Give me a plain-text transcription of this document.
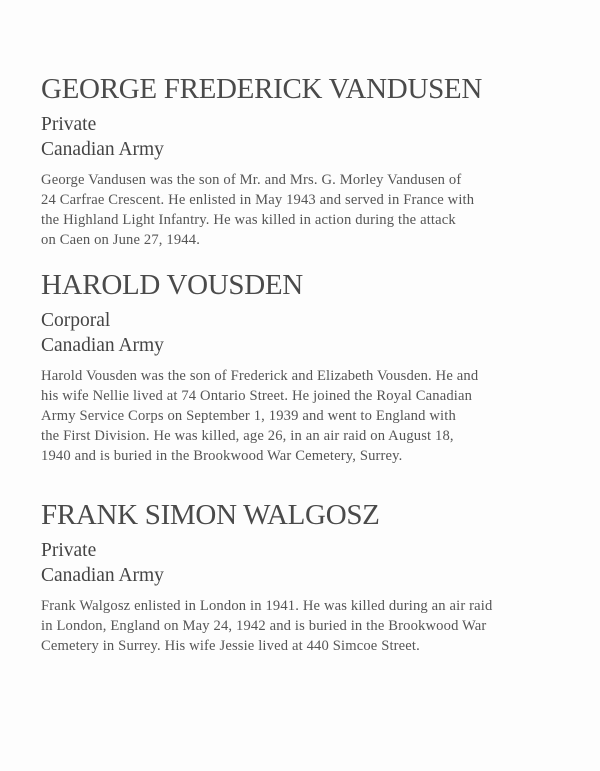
GEORGE FREDERICK VANDUSEN

Private

Canadian Army

George Vandusen was the son of Mr. and Mrs. G. Morley Vandusen of
24 Carfrae Crescent. He enlisted in May 1943 and served in France with
the Highland Light Infantry. He was killed in action during the attack
on Caen on June 27, 1944.

HAROLD VOUSDEN

Corporal

Canadian Army

Harold Vousden was the son of Frederick and Elizabeth Vousden. He and
his wife Nellie lived at 74 Ontario Street. He joined the Royal Canadian
Army Service Corps on September 1, 1939 and went to England with
the First Division. He was killed, age 26, in an air raid on August 18,
1940 and is buried in the Brookwood War Cemetery, Surrey.

FRANK SIMON WALGOSZ

Private

Canadian Army

Frank Walgosz enlisted in London in 1941. He was killed during an air raid
in London, England on May 24, 1942 and is buried in the Brookwood War
Cemetery in Surrey. His wife Jessie lived at 440 Simcoe Street.
